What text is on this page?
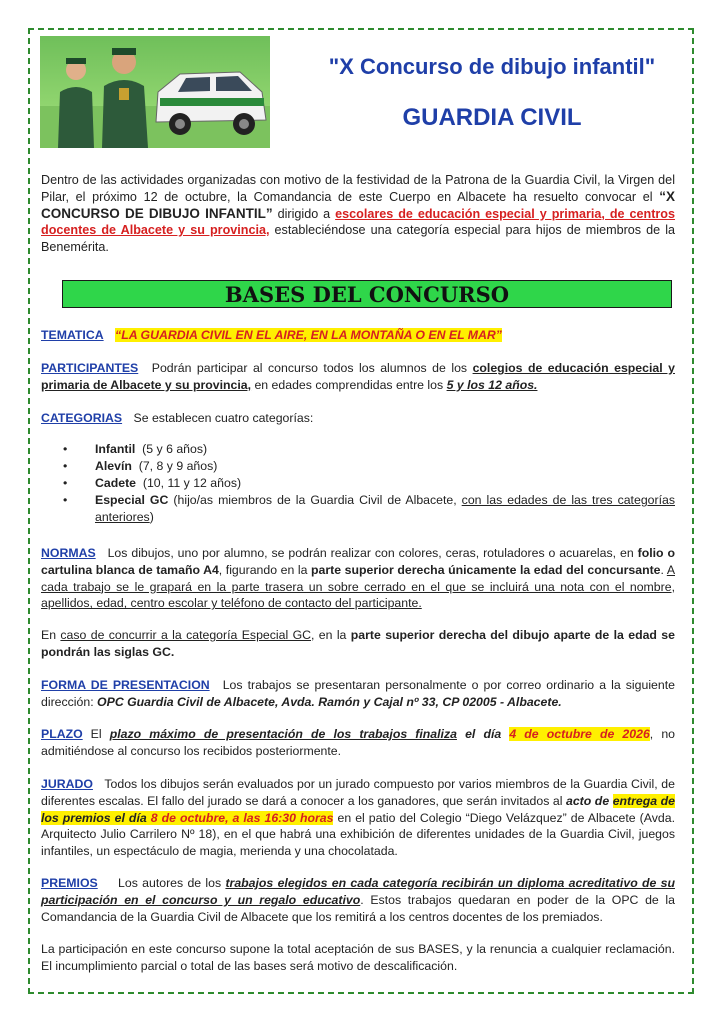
"X Concurso de dibujo infantil"
GUARDIA CIVIL
Dentro de las actividades organizadas con motivo de la festividad de la Patrona de la Guardia Civil, la Virgen del Pilar, el próximo 12 de octubre, la Comandancia de este Cuerpo en Albacete ha resuelto convocar el “X CONCURSO DE DIBUJO INFANTIL” dirigido a escolares de educación especial y primaria, de centros docentes de Albacete y su provincia, estableciéndose una categoría especial para hijos de miembros de la Benemérita.
BASES DEL CONCURSO
TEMATICA “LA GUARDIA CIVIL EN EL AIRE, EN LA MONTAÑA O EN EL MAR”
PARTICIPANTES Podrán participar al concurso todos los alumnos de los colegios de educación especial y primaria de Albacete y su provincia, en edades comprendidas entre los 5 y los 12 años.
CATEGORIAS Se establecen cuatro categorías:
• Infantil (5 y 6 años)
• Alevín (7, 8 y 9 años)
• Cadete (10, 11 y 12 años)
• Especial GC (hijo/as miembros de la Guardia Civil de Albacete, con las edades de las tres categorías anteriores)
NORMAS Los dibujos, uno por alumno, se podrán realizar con colores, ceras, rotuladores o acuarelas, en folio o cartulina blanca de tamaño A4, figurando en la parte superior derecha únicamente la edad del concursante. A cada trabajo se le grapará en la parte trasera un sobre cerrado en el que se incluirá una nota con el nombre, apellidos, edad, centro escolar y teléfono de contacto del participante.
En caso de concurrir a la categoría Especial GC, en la parte superior derecha del dibujo aparte de la edad se pondrán las siglas GC.
FORMA DE PRESENTACION Los trabajos se presentaran personalmente o por correo ordinario a la siguiente dirección: OPC Guardia Civil de Albacete, Avda. Ramón y Cajal nº 33, CP 02005 - Albacete.
PLAZO El plazo máximo de presentación de los trabajos finaliza el día 4 de octubre de 2026, no admitiéndose al concurso los recibidos posteriormente.
JURADO Todos los dibujos serán evaluados por un jurado compuesto por varios miembros de la Guardia Civil, de diferentes escalas. El fallo del jurado se dará a conocer a los ganadores, que serán invitados al acto de entrega de los premios el día 8 de octubre, a las 16:30 horas en el patio del Colegio “Diego Velázquez” de Albacete (Avda. Arquitecto Julio Carrilero Nº 18), en el que habrá una exhibición de diferentes unidades de la Guardia Civil, juegos infantiles, un espectáculo de magia, merienda y una chocolatada.
PREMIOS Los autores de los trabajos elegidos en cada categoría recibirán un diploma acreditativo de su participación en el concurso y un regalo educativo. Estos trabajos quedaran en poder de la OPC de la Comandancia de la Guardia Civil de Albacete que los remitirá a los centros docentes de los premiados.
La participación en este concurso supone la total aceptación de sus BASES, y la renuncia a cualquier reclamación. El incumplimiento parcial o total de las bases será motivo de descalificación.
